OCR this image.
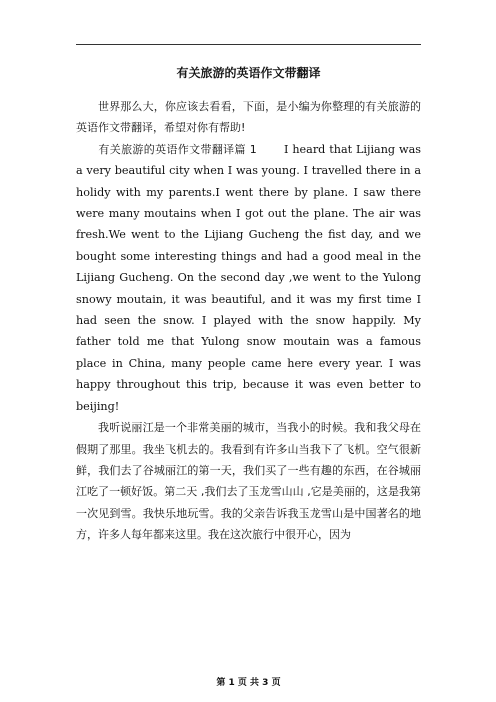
有关旅游的英语作文带翻译

世界那么大，你应该去看看，下面，是小编为你整理的有关旅游的英语作文带翻译，希望对你有帮助!

有关旅游的英语作文带翻译篇 1 I heard that Lijiang was a very beautiful city when I was young. I travelled there in a holidy with my parents.I went there by plane. I saw there were many moutains when I got out the plane. The air was fresh.We went to the Lijiang Gucheng the fist day, and we bought some interesting things and had a good meal in the Lijiang Gucheng. On the second day ,we went to the Yulong snowy moutain, it was beautiful, and it was my first time I had seen the snow. I played with the snow happily. My father told me that Yulong snow moutain was a famous place in China, many people came here every year. I was happy throughout this trip, because it was even better to beijing!

我听说丽江是一个非常美丽的城市，当我小的时候。我和我父母在假期了那里。我坐飞机去的。我看到有许多山当我下了飞机。空气很新鲜，我们去了谷城丽江的第一天，我们买了一些有趣的东西，在谷城丽江吃了一顿好饭。第二天 ,我们去了玉龙雪山山 ,它是美丽的，这是我第一次见到雪。我快乐地玩雪。我的父亲告诉我玉龙雪山是中国著名的地方，许多人每年都来这里。我在这次旅行中很开心，因为

第 1 页 共 3 页
